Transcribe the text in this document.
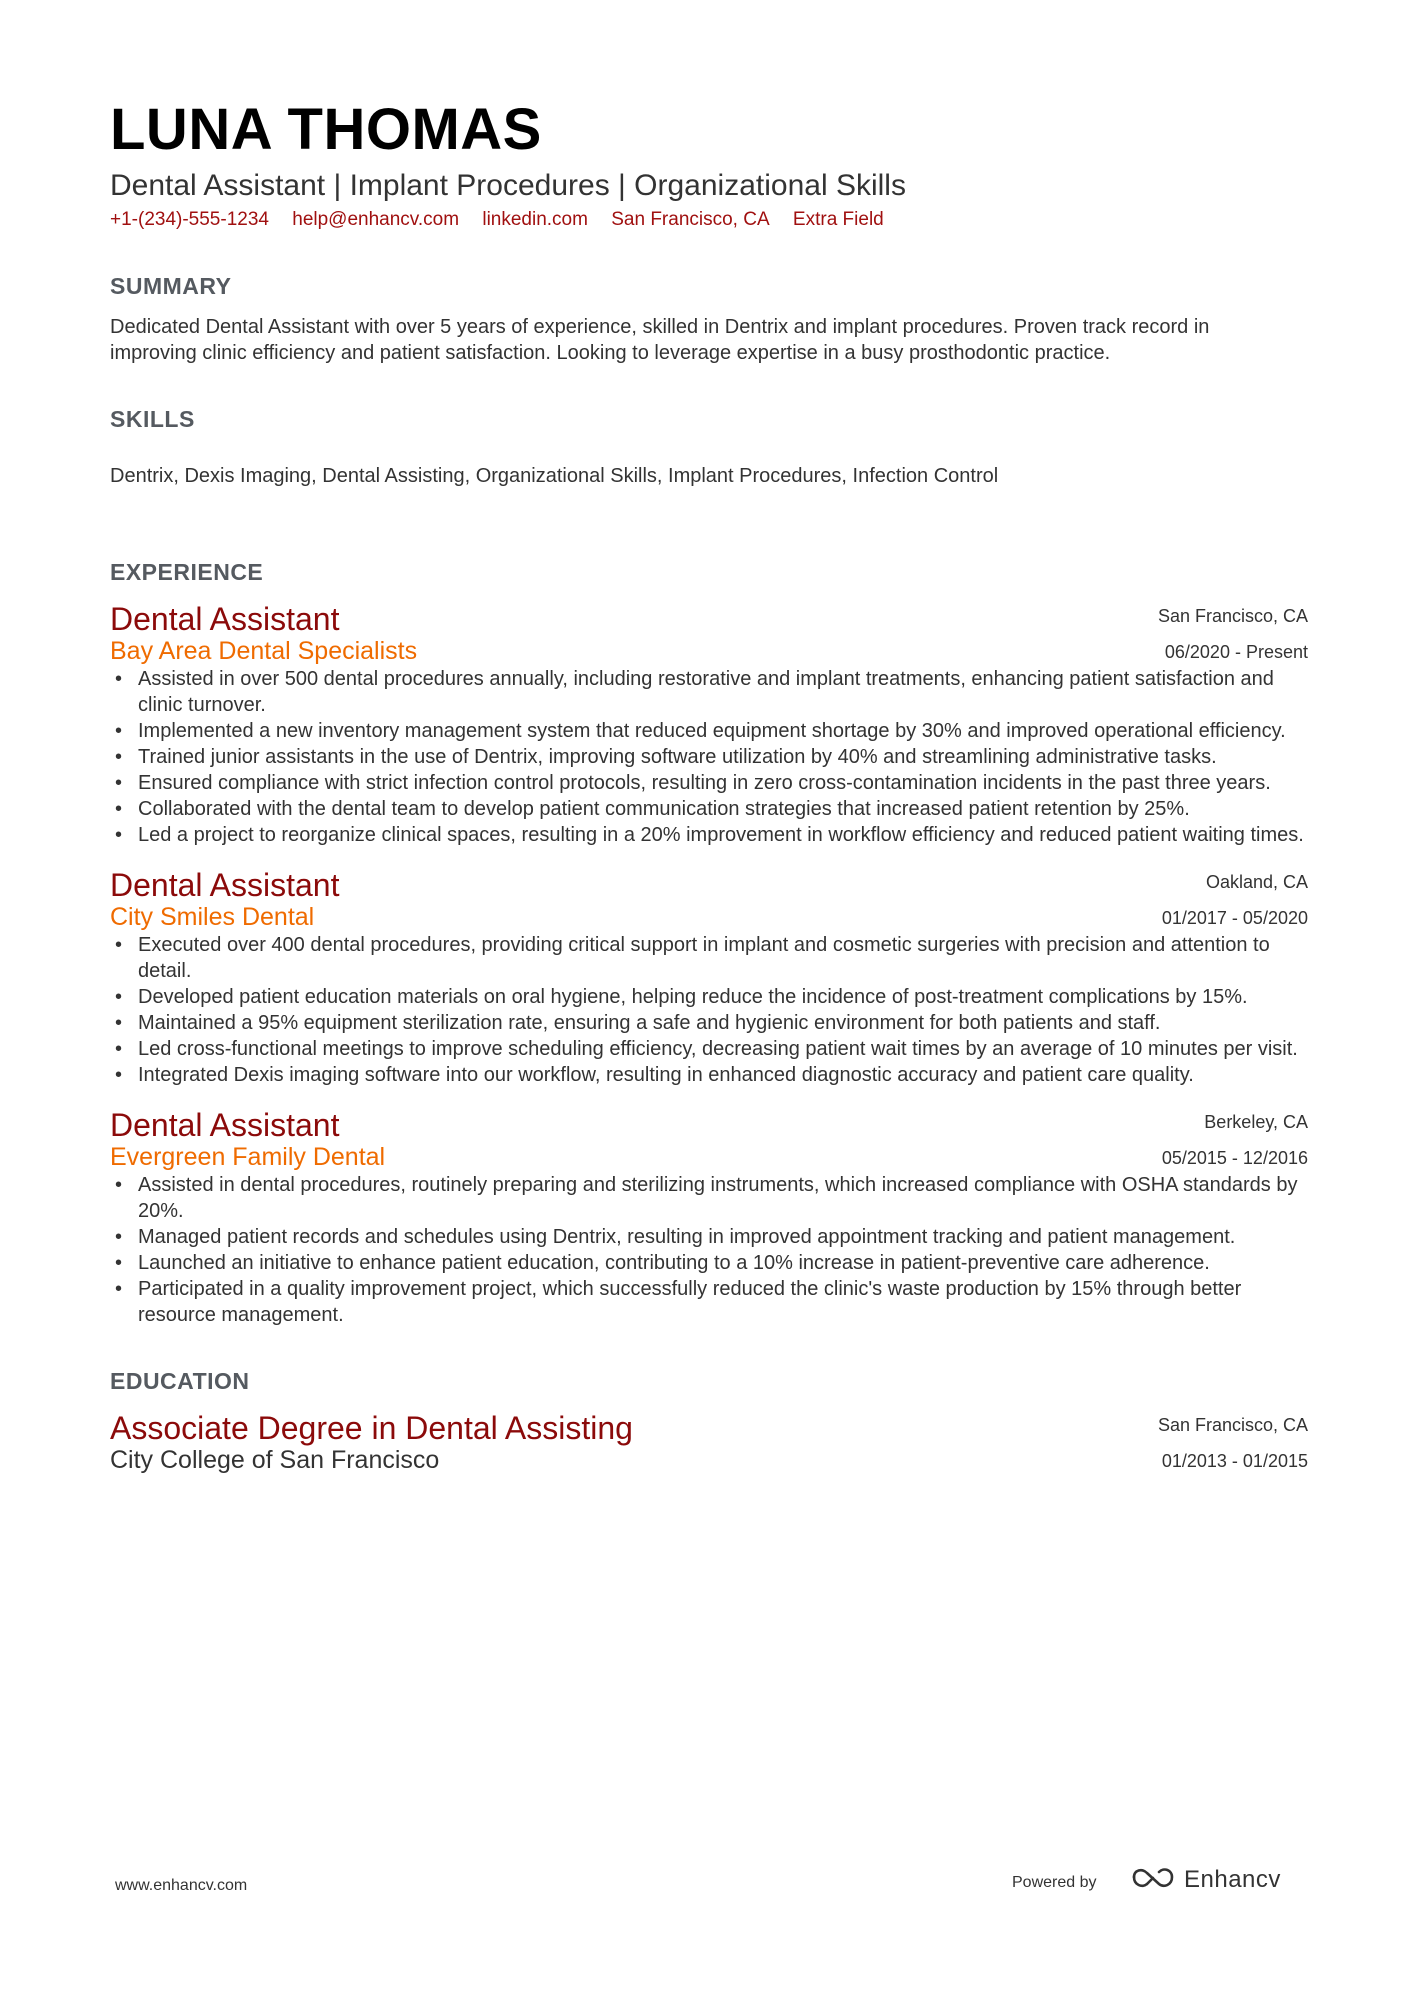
LUNA THOMAS
Dental Assistant | Implant Procedures | Organizational Skills
+1-(234)-555-1234 help@enhancv.com linkedin.com San Francisco, CA Extra Field
SUMMARY
Dedicated Dental Assistant with over 5 years of experience, skilled in Dentrix and implant procedures. Proven track record in improving clinic efficiency and patient satisfaction. Looking to leverage expertise in a busy prosthodontic practice.
SKILLS
Dentrix, Dexis Imaging, Dental Assisting, Organizational Skills, Implant Procedures, Infection Control
EXPERIENCE
Dental Assistant
Bay Area Dental Specialists
San Francisco, CA
06/2020 - Present
• Assisted in over 500 dental procedures annually, including restorative and implant treatments, enhancing patient satisfaction and clinic turnover.
• Implemented a new inventory management system that reduced equipment shortage by 30% and improved operational efficiency.
• Trained junior assistants in the use of Dentrix, improving software utilization by 40% and streamlining administrative tasks.
• Ensured compliance with strict infection control protocols, resulting in zero cross-contamination incidents in the past three years.
• Collaborated with the dental team to develop patient communication strategies that increased patient retention by 25%.
• Led a project to reorganize clinical spaces, resulting in a 20% improvement in workflow efficiency and reduced patient waiting times.
Dental Assistant
City Smiles Dental
Oakland, CA
01/2017 - 05/2020
• Executed over 400 dental procedures, providing critical support in implant and cosmetic surgeries with precision and attention to detail.
• Developed patient education materials on oral hygiene, helping reduce the incidence of post-treatment complications by 15%.
• Maintained a 95% equipment sterilization rate, ensuring a safe and hygienic environment for both patients and staff.
• Led cross-functional meetings to improve scheduling efficiency, decreasing patient wait times by an average of 10 minutes per visit.
• Integrated Dexis imaging software into our workflow, resulting in enhanced diagnostic accuracy and patient care quality.
Dental Assistant
Evergreen Family Dental
Berkeley, CA
05/2015 - 12/2016
• Assisted in dental procedures, routinely preparing and sterilizing instruments, which increased compliance with OSHA standards by 20%.
• Managed patient records and schedules using Dentrix, resulting in improved appointment tracking and patient management.
• Launched an initiative to enhance patient education, contributing to a 10% increase in patient-preventive care adherence.
• Participated in a quality improvement project, which successfully reduced the clinic's waste production by 15% through better resource management.
EDUCATION
Associate Degree in Dental Assisting
City College of San Francisco
San Francisco, CA
01/2013 - 01/2015
www.enhancv.com	Powered by	Enhancv
